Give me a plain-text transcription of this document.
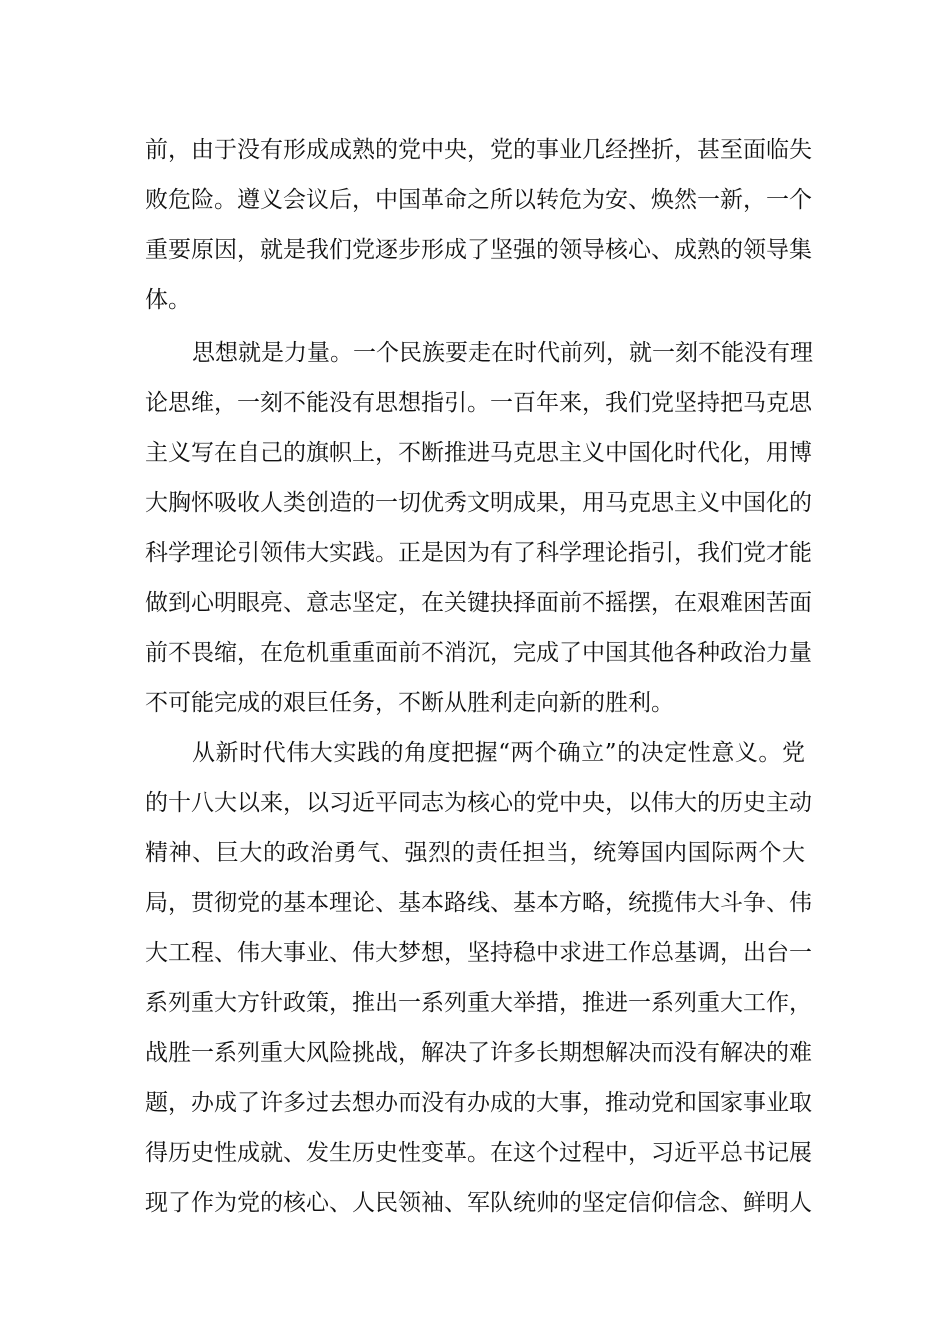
前，由于没有形成成熟的党中央，党的事业几经挫折，甚至面临失
败危险。遵义会议后，中国革命之所以转危为安、焕然一新，一个
重要原因，就是我们党逐步形成了坚强的领导核心、成熟的领导集
体。
思想就是力量。一个民族要走在时代前列，就一刻不能没有理
论思维，一刻不能没有思想指引。一百年来，我们党坚持把马克思
主义写在自己的旗帜上，不断推进马克思主义中国化时代化，用博
大胸怀吸收人类创造的一切优秀文明成果，用马克思主义中国化的
科学理论引领伟大实践。正是因为有了科学理论指引，我们党才能
做到心明眼亮、意志坚定，在关键抉择面前不摇摆，在艰难困苦面
前不畏缩，在危机重重面前不消沉，完成了中国其他各种政治力量
不可能完成的艰巨任务，不断从胜利走向新的胜利。
从新时代伟大实践的角度把握“两个确立”的决定性意义。党
的十八大以来，以习近平同志为核心的党中央，以伟大的历史主动
精神、巨大的政治勇气、强烈的责任担当，统筹国内国际两个大
局，贯彻党的基本理论、基本路线、基本方略，统揽伟大斗争、伟
大工程、伟大事业、伟大梦想，坚持稳中求进工作总基调，出台一
系列重大方针政策，推出一系列重大举措，推进一系列重大工作，
战胜一系列重大风险挑战，解决了许多长期想解决而没有解决的难
题，办成了许多过去想办而没有办成的大事，推动党和国家事业取
得历史性成就、发生历史性变革。在这个过程中，习近平总书记展
现了作为党的核心、人民领袖、军队统帅的坚定信仰信念、鲜明人
